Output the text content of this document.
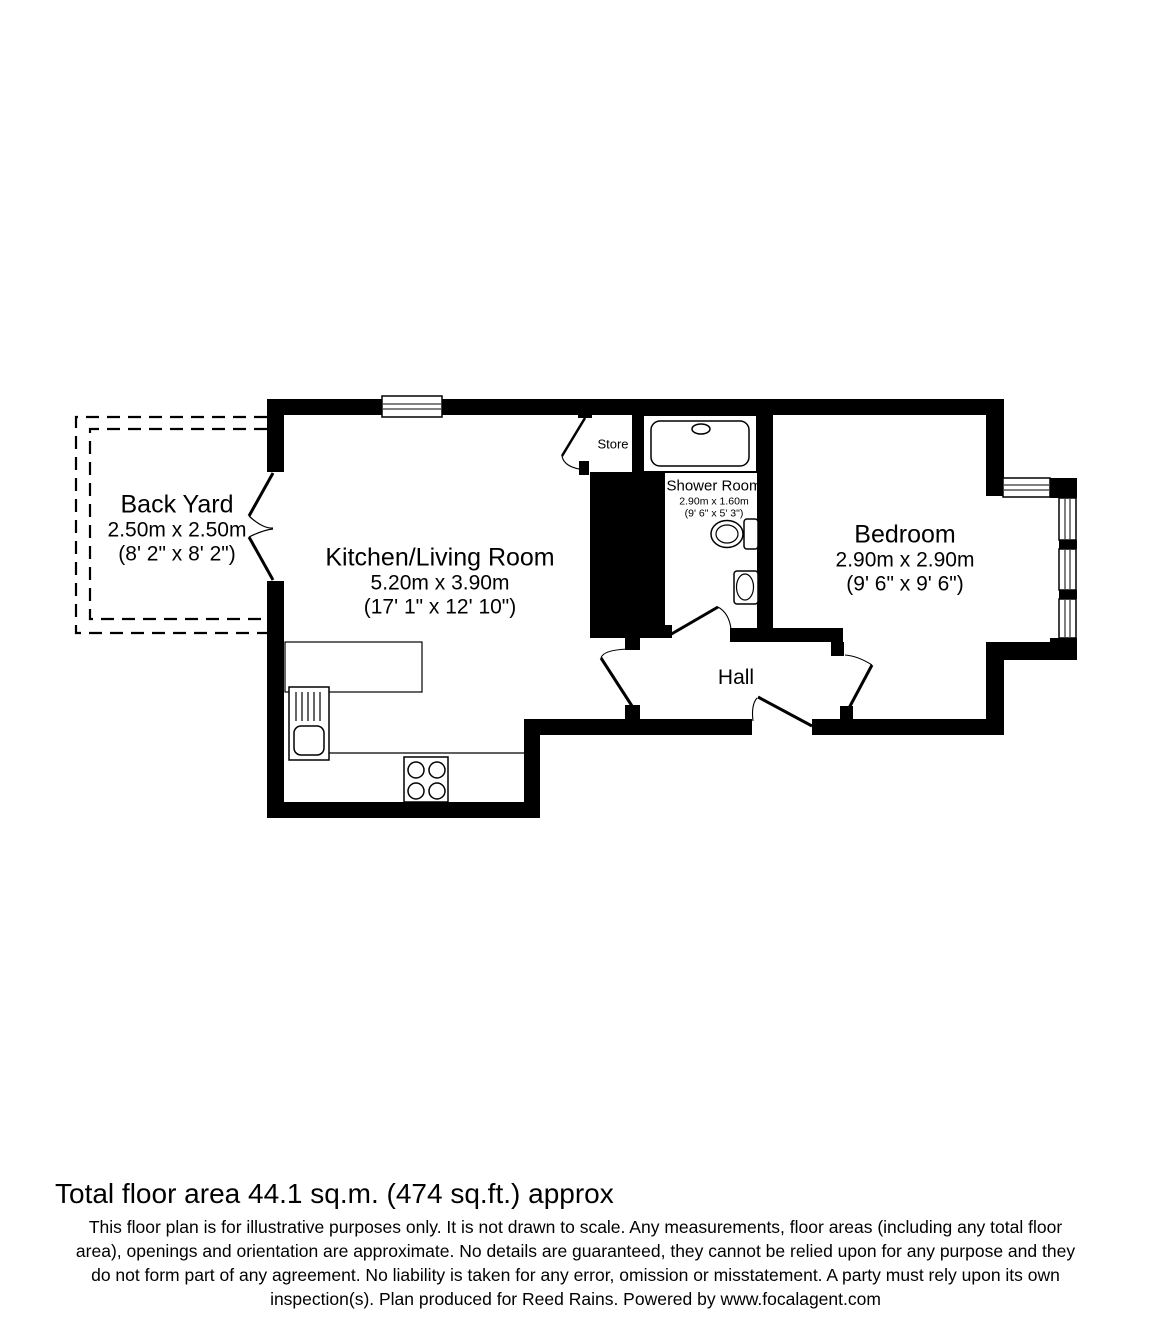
Back Yard
2.50m x 2.50m
(8' 2" x 8' 2")	Kitchen/Living Room
5.20m x 3.90m
(17' 1" x 12' 10")
Shower Room
2.90m x 1.60m
(9' 6" x 5' 3")
Bedroom
2.90m x 2.90m
(9' 6" x 9' 6")
Store
Hall
Total floor area 44.1 sq.m. (474 sq.ft.) approx
This floor plan is for illustrative purposes only. It is not drawn to scale. Any measurements, floor areas (including any total floor
area), openings and orientation are approximate. No details are guaranteed, they cannot be relied upon for any purpose and they
do not form part of any agreement. No liability is taken for any error, omission or misstatement. A party must rely upon its own
inspection(s). Plan produced for Reed Rains. Powered by www.focalagent.com
